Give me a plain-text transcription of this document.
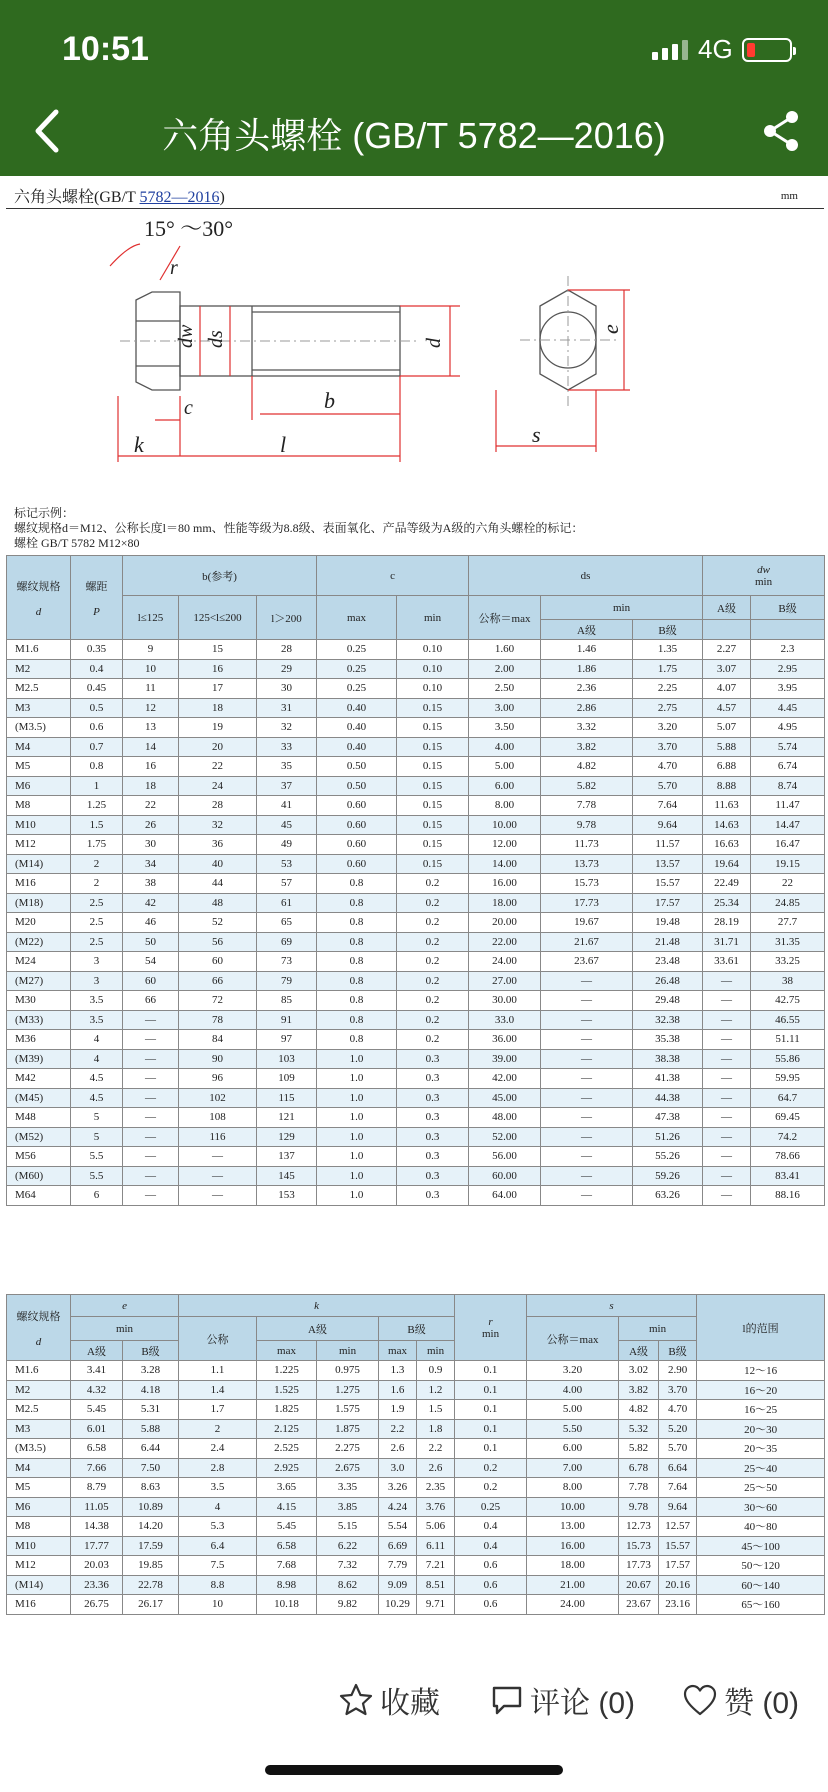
10:51	4G
六角头螺栓 (GB/T 5782—2016)
六角头螺栓(GB/T 5782—2016)	mm
15° ～30°
r
dw ds	d
c	b
k	l	s
e
标记示例：
螺纹规格d＝M12、公称长度l＝80 mm、性能等级为8.8级、表面氧化、产品等级为A级的六角头螺栓的标记：
螺栓 GB/T 5782 M12×80
螺纹规格

d	螺距

P	b(参考)			c		ds			dw
min	
		l≤125	125<l≤200	l＞200	max	min	公称＝max	min		A级	B级
								A级	B级		
M1.6	0.35	9	15	28	0.25	0.10	1.60	1.46	1.35	2.27	2.3
M2	0.4	10	16	29	0.25	0.10	2.00	1.86	1.75	3.07	2.95
M2.5	0.45	11	17	30	0.25	0.10	2.50	2.36	2.25	4.07	3.95
M3	0.5	12	18	31	0.40	0.15	3.00	2.86	2.75	4.57	4.45
(M3.5)	0.6	13	19	32	0.40	0.15	3.50	3.32	3.20	5.07	4.95
M4	0.7	14	20	33	0.40	0.15	4.00	3.82	3.70	5.88	5.74
M5	0.8	16	22	35	0.50	0.15	5.00	4.82	4.70	6.88	6.74
M6	1	18	24	37	0.50	0.15	6.00	5.82	5.70	8.88	8.74
M8	1.25	22	28	41	0.60	0.15	8.00	7.78	7.64	11.63	11.47
M10	1.5	26	32	45	0.60	0.15	10.00	9.78	9.64	14.63	14.47
M12	1.75	30	36	49	0.60	0.15	12.00	11.73	11.57	16.63	16.47
(M14)	2	34	40	53	0.60	0.15	14.00	13.73	13.57	19.64	19.15
M16	2	38	44	57	0.8	0.2	16.00	15.73	15.57	22.49	22
(M18)	2.5	42	48	61	0.8	0.2	18.00	17.73	17.57	25.34	24.85
M20	2.5	46	52	65	0.8	0.2	20.00	19.67	19.48	28.19	27.7
(M22)	2.5	50	56	69	0.8	0.2	22.00	21.67	21.48	31.71	31.35
M24	3	54	60	73	0.8	0.2	24.00	23.67	23.48	33.61	33.25
(M27)	3	60	66	79	0.8	0.2	27.00	—	26.48	—	38
M30	3.5	66	72	85	0.8	0.2	30.00	—	29.48	—	42.75
(M33)	3.5	—	78	91	0.8	0.2	33.0	—	32.38	—	46.55
M36	4	—	84	97	0.8	0.2	36.00	—	35.38	—	51.11
(M39)	4	—	90	103	1.0	0.3	39.00	—	38.38	—	55.86
M42	4.5	—	96	109	1.0	0.3	42.00	—	41.38	—	59.95
(M45)	4.5	—	102	115	1.0	0.3	45.00	—	44.38	—	64.7
M48	5	—	108	121	1.0	0.3	48.00	—	47.38	—	69.45
(M52)	5	—	116	129	1.0	0.3	52.00	—	51.26	—	74.2
M56	5.5	—	—	137	1.0	0.3	56.00	—	55.26	—	78.66
(M60)	5.5	—	—	145	1.0	0.3	60.00	—	59.26	—	83.41
M64	6	—	—	153	1.0	0.3	64.00	—	63.26	—	88.16
螺纹规格

d	e		k					r
min	s			l的范围
	min		公称	A级		B级			公称＝max	min		
	A级	B级		max	min	max	min			A级	B级	
M1.6	3.41	3.28	1.1	1.225	0.975	1.3	0.9	0.1	3.20	3.02	2.90	12～16
M2	4.32	4.18	1.4	1.525	1.275	1.6	1.2	0.1	4.00	3.82	3.70	16～20
M2.5	5.45	5.31	1.7	1.825	1.575	1.9	1.5	0.1	5.00	4.82	4.70	16～25
M3	6.01	5.88	2	2.125	1.875	2.2	1.8	0.1	5.50	5.32	5.20	20～30
(M3.5)	6.58	6.44	2.4	2.525	2.275	2.6	2.2	0.1	6.00	5.82	5.70	20～35
M4	7.66	7.50	2.8	2.925	2.675	3.0	2.6	0.2	7.00	6.78	6.64	25～40
M5	8.79	8.63	3.5	3.65	3.35	3.26	2.35	0.2	8.00	7.78	7.64	25～50
M6	11.05	10.89	4	4.15	3.85	4.24	3.76	0.25	10.00	9.78	9.64	30～60
M8	14.38	14.20	5.3	5.45	5.15	5.54	5.06	0.4	13.00	12.73	12.57	40～80
M10	17.77	17.59	6.4	6.58	6.22	6.69	6.11	0.4	16.00	15.73	15.57	45～100
M12	20.03	19.85	7.5	7.68	7.32	7.79	7.21	0.6	18.00	17.73	17.57	50～120
(M14)	23.36	22.78	8.8	8.98	8.62	9.09	8.51	0.6	21.00	20.67	20.16	60～140
M16	26.75	26.17	10	10.18	9.82	10.29	9.71	0.6	24.00	23.67	23.16	65～160
收藏	评论 (0)	赞 (0)
